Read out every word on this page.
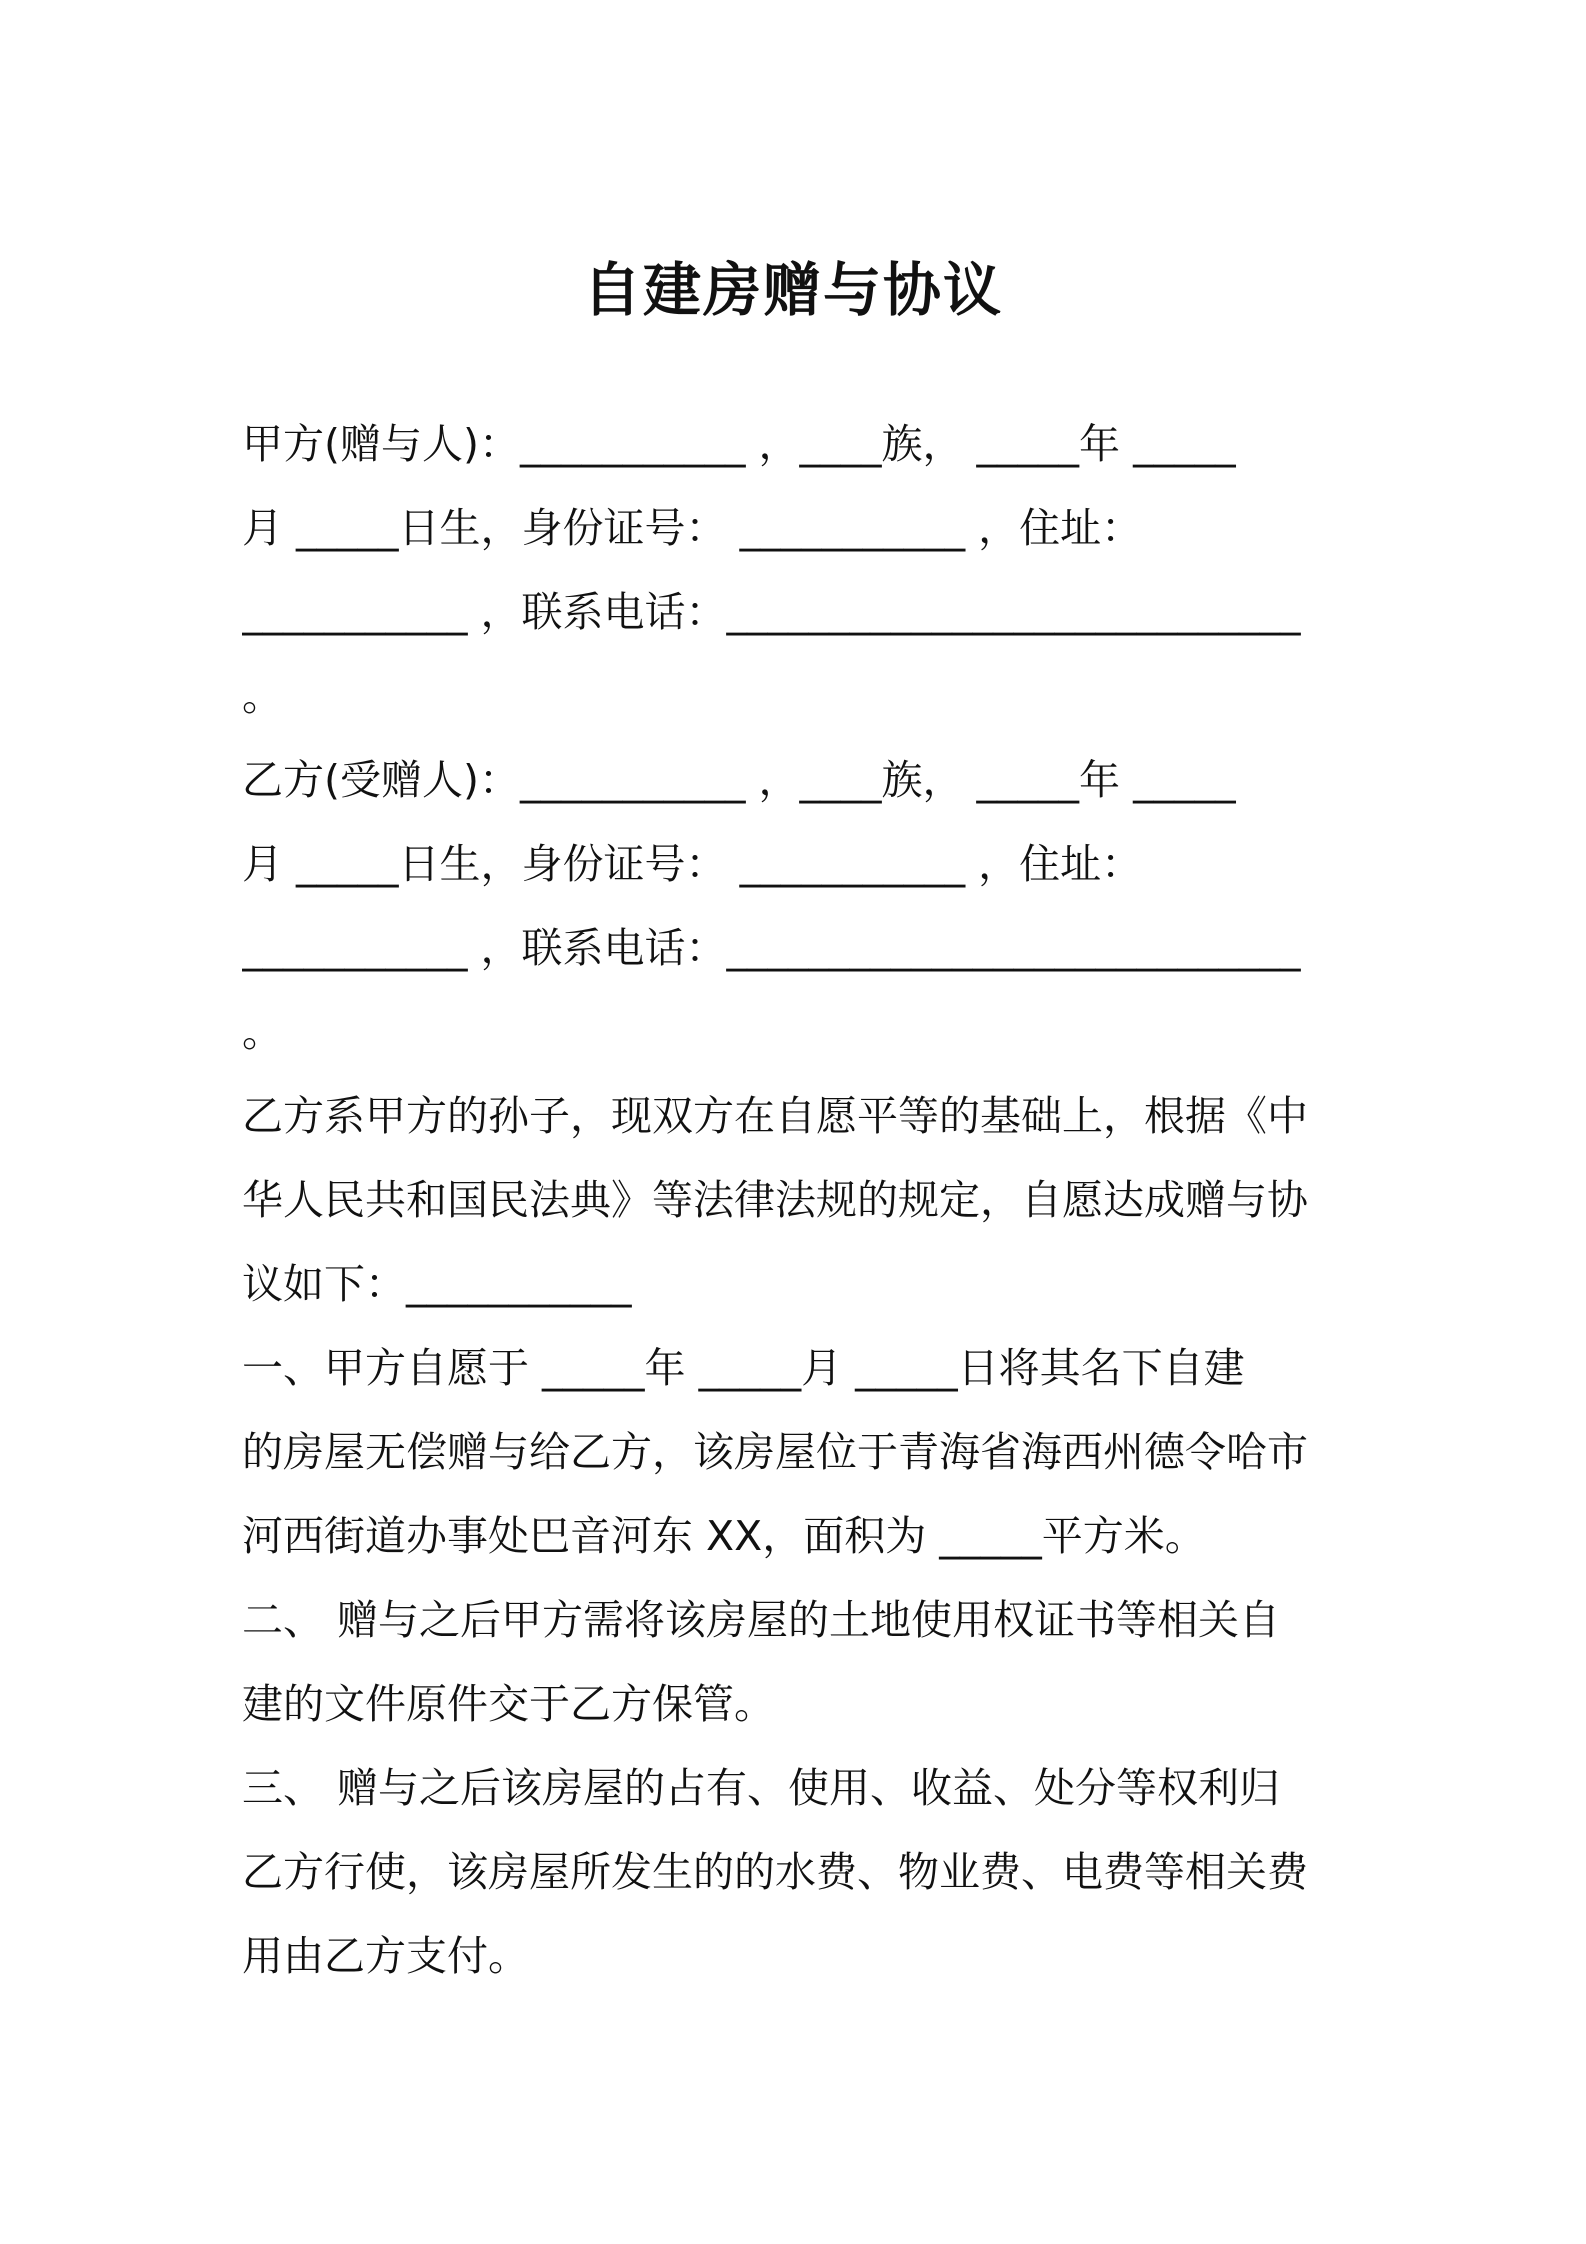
自建房赠与协议
甲方(赠与人)：___________ ，____族， _____年 _____
月 _____日生，身份证号： ___________ ，住址：
___________ ，联系电话：____________________________
。
乙方(受赠人)：___________ ，____族， _____年 _____
月 _____日生，身份证号： ___________ ，住址：
___________ ，联系电话：____________________________
。
乙方系甲方的孙子，现双方在自愿平等的基础上，根据《中
华人民共和国民法典》等法律法规的规定，自愿达成赠与协
议如下：___________
一、甲方自愿于 _____年 _____月 _____日将其名下自建
的房屋无偿赠与给乙方，该房屋位于青海省海西州德令哈市
河西街道办事处巴音河东 XX，面积为 _____平方米。
二、 赠与之后甲方需将该房屋的土地使用权证书等相关自
建的文件原件交于乙方保管。
三、 赠与之后该房屋的占有、使用、收益、处分等权利归
乙方行使，该房屋所发生的的水费、物业费、电费等相关费
用由乙方支付。
